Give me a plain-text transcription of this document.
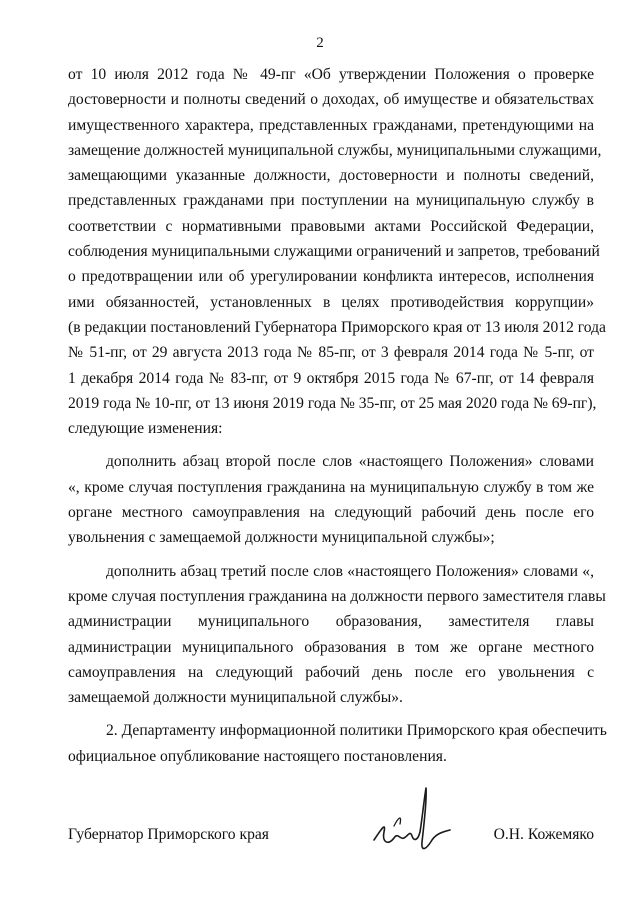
2
от 10 июля 2012 года № 49-пг «Об утверждении Положения о проверке
достоверности и полноты сведений о доходах, об имуществе и обязательствах
имущественного характера, представленных гражданами, претендующими на
замещение должностей муниципальной службы, муниципальными служащими,
замещающими указанные должности, достоверности и полноты сведений,
представленных гражданами при поступлении на муниципальную службу в
соответствии с нормативными правовыми актами Российской Федерации,
соблюдения муниципальными служащими ограничений и запретов, требований
о предотвращении или об урегулировании конфликта интересов, исполнения
ими обязанностей, установленных в целях противодействия коррупции»
(в редакции постановлений Губернатора Приморского края от 13 июля 2012 года
№ 51-пг, от 29 августа 2013 года № 85-пг, от 3 февраля 2014 года № 5-пг, от
1 декабря 2014 года № 83-пг, от 9 октября 2015 года № 67-пг, от 14 февраля
2019 года № 10-пг, от 13 июня 2019 года № 35-пг, от 25 мая 2020 года № 69-пг),
следующие изменения:
дополнить абзац второй после слов «настоящего Положения» словами
«, кроме случая поступления гражданина на муниципальную службу в том же
органе местного самоуправления на следующий рабочий день после его
увольнения с замещаемой должности муниципальной службы»;
дополнить абзац третий после слов «настоящего Положения» словами «,
кроме случая поступления гражданина на должности первого заместителя главы
администрации муниципального образования, заместителя главы
администрации муниципального образования в том же органе местного
самоуправления на следующий рабочий день после его увольнения с
замещаемой должности муниципальной службы».
2. Департаменту информационной политики Приморского края обеспечить
официальное опубликование настоящего постановления.
Губернатор Приморского края	О.Н. Кожемяко
